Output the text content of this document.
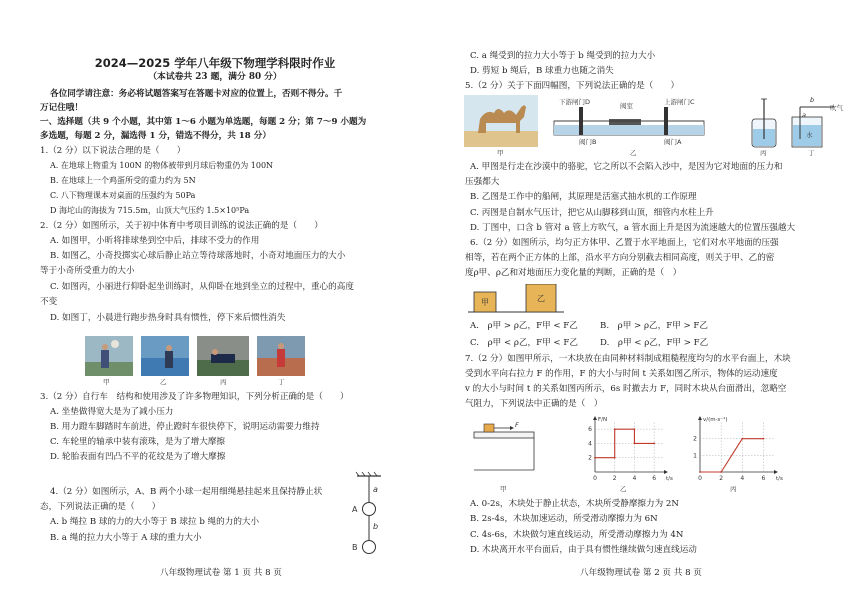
2024—2025 学年八年级下物理学科限时作业
（本试卷共 23 题，满分 80 分）
各位同学请注意：务必将试题答案写在答题卡对应的位置上，否则不得分。千
万记住哦！
一、选择题（共 9 个小题，其中第 1～6 小题为单选题，每题 2 分；第 7～9 小题为
多选题，每题 2 分，漏选得 1 分，错选不得分，共 18 分）
1.（2 分）以下说法合理的是（　　）
A. 在地球上物重为 100N 的物体被带到月球后物重仍为 100N
B. 在地球上一个鸡蛋所受的重力约为 5N
C. 八下物理课本对桌面的压强约为 50Pa
D 海坨山的海拔为 715.5m，山顶大气压约 1.5×10⁵Pa
2.（2 分）如图所示，关于初中体育中考项目训练的说法正确的是（　　）
A. 如图甲，小昕将排球垫到空中后，排球不受力的作用
B. 如图乙，小奇投掷实心球后静止站立等待球落地时，小奇对地面压力的大小
等于小奇所受重力的大小
C. 如图丙，小丽进行仰卧起坐训练时，从仰卧在地到坐立的过程中，重心的高度
不变
D. 如图丁，小晨进行跑步热身时具有惯性，停下来后惯性消失
甲	乙	丙	丁
3.（2 分）自行车　结构和使用涉及了许多物理知识，下列分析正确的是（　　）
A. 坐垫做得宽大是为了减小压力
B. 用力蹬车脚踏时车前进，停止蹬时车很快停下，说明运动需要力维持
C. 车轮里的轴承中装有滚珠，是为了增大摩擦
D. 轮胎表面有凹凸不平的花纹是为了增大摩擦
4.（2 分）如图所示，A、B 两个小球一起用细绳悬挂起来且保持静止状
态，下列说法正确的是（　　）
A. b 绳拉 B 球的力的大小等于 B 球拉 b 绳的力的大小
B. a 绳的拉力大小等于 A 球的重力大小
a
b
A
B
八年级物理试卷 第 1 页 共 8 页
C. a 绳受到的拉力大小等于 b 绳受到的拉力大小
D. 剪短 b 绳后，B 球重力也随之消失
5.（2 分）关于下面四幅图，下列说法正确的是（　　）
下游闸门D	阀室	上游闸门C
阀门B	阀门A
吹气
b
a
水
甲	乙	丙	丁
A. 甲图是行走在沙漠中的骆驼，它之所以不会陷入沙中，是因为它对地面的压力和
压强都大
B. 乙图是工作中的船闸，其原理是活塞式抽水机的工作原理
C. 丙图是自制水气压计，把它从山脚移到山顶，细管内水柱上升
D. 丁图中，口含 b 管对 a 管上方吹气，a 管水面上升是因为流速越大的位置压强越大
6.（2 分）如图所示，均匀正方体甲、乙置于水平地面上，它们对水平地面的压强
相等，若在两个正方体的上部，沿水平方向分别截去相同高度，则关于甲、乙的密
度ρ甲、ρ乙和对地面压力变化量的判断，正确的是（　）
甲	乙
A.　ρ甲 > ρ乙，F甲 < F乙	B.　ρ甲 > ρ乙，F甲 > F乙
C.　ρ甲 < ρ乙，F甲 < F乙	D.　ρ甲 < ρ乙，F甲 > F乙
7.（2 分）如图甲所示，一木块放在由同种材料制成粗糙程度均匀的水平台面上，木块
受到水平向右拉力 F 的作用，F 的大小与时间 t 关系如图乙所示，物体的运动速度
v 的大小与时间 t 的关系如图丙所示，6s 时撤去力 F，同时木块从台面滑出，忽略空
气阻力，下列说法中正确的是（　）
F
0	2	4	6
2
4
6
t/s
F/N
0	2	4	6
1
2
t/s
v/(m·s⁻¹)
甲	乙	丙
A. 0-2s，木块处于静止状态，木块所受静摩擦力为 2N
B. 2s-4s，木块加速运动，所受滑动摩擦力为 6N
C. 4s-6s，木块做匀速直线运动，所受滑动摩擦力为 4N
D. 木块离开水平台面后，由于具有惯性继续做匀速直线运动
八年级物理试卷 第 2 页 共 8 页
